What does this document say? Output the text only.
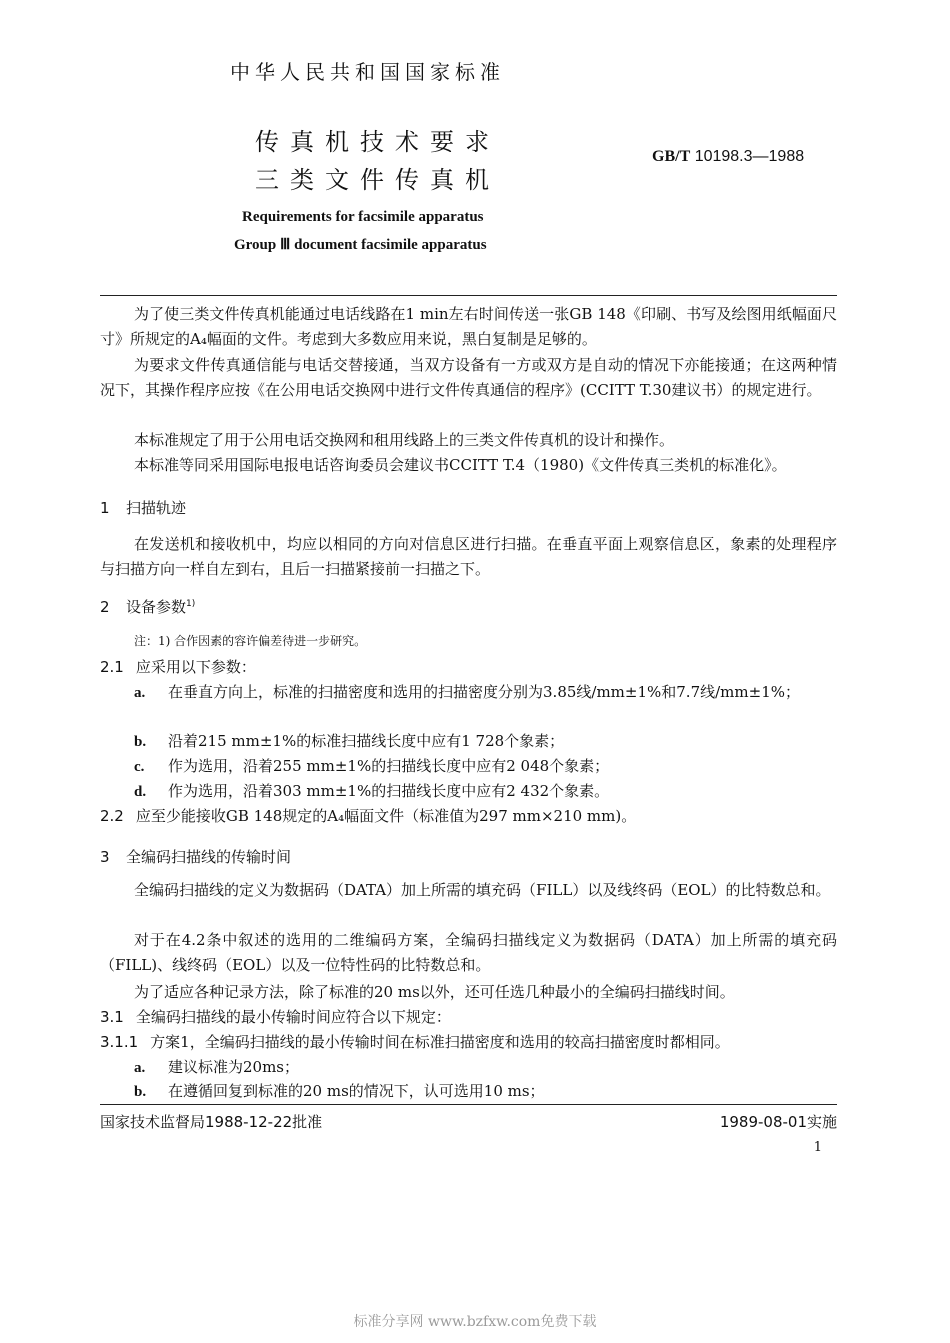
中华人民共和国国家标准
传真机技术要求
三类文件传真机
GB/T 10198.3—1988
Requirements for facsimile apparatus
Group Ⅲ document facsimile apparatus
为了使三类文件传真机能通过电话线路在1 min左右时间传送一张GB 148《印刷、书写及绘图用纸幅面尺寸》所规定的A₄幅面的文件。考虑到大多数应用来说，黑白复制是足够的。
为要求文件传真通信能与电话交替接通，当双方设备有一方或双方是自动的情况下亦能接通；在这两种情况下，其操作程序应按《在公用电话交换网中进行文件传真通信的程序》(CCITT T.30建议书）的规定进行。
本标准规定了用于公用电话交换网和租用线路上的三类文件传真机的设计和操作。
本标准等同采用国际电报电话咨询委员会建议书CCITT T.4（1980)《文件传真三类机的标准化》。
1 扫描轨迹
在发送机和接收机中，均应以相同的方向对信息区进行扫描。在垂直平面上观察信息区，象素的处理程序与扫描方向一样自左到右，且后一扫描紧接前一扫描之下。
2 设备参数$^{1)}$
注：1) 合作因素的容许偏差待进一步研究。
2.1 应采用以下参数：
a. 在垂直方向上，标准的扫描密度和选用的扫描密度分别为3.85线/mm±1%和7.7线/mm±1%；
b. 沿着215 mm±1%的标准扫描线长度中应有1 728个象素；
c. 作为选用，沿着255 mm±1%的扫描线长度中应有2 048个象素；
d. 作为选用，沿着303 mm±1%的扫描线长度中应有2 432个象素。
2.2 应至少能接收GB 148规定的A₄幅面文件（标准值为297 mm×210 mm)。
3 全编码扫描线的传输时间
全编码扫描线的定义为数据码（DATA）加上所需的填充码（FILL）以及线终码（EOL）的比特数总和。
对于在4.2条中叙述的选用的二维编码方案，全编码扫描线定义为数据码（DATA）加上所需的填充码（FILL)、线终码（EOL）以及一位特性码的比特数总和。
为了适应各种记录方法，除了标准的20 ms以外，还可任选几种最小的全编码扫描线时间。
3.1 全编码扫描线的最小传输时间应符合以下规定：
3.1.1 方案1，全编码扫描线的最小传输时间在标准扫描密度和选用的较高扫描密度时都相同。
a. 建议标准为20ms；
b. 在遵循回复到标准的20 ms的情况下，认可选用10 ms；
国家技术监督局1988-12-22批准	1989-08-01实施
1
标准分享网 www.bzfxw.com免费下载
